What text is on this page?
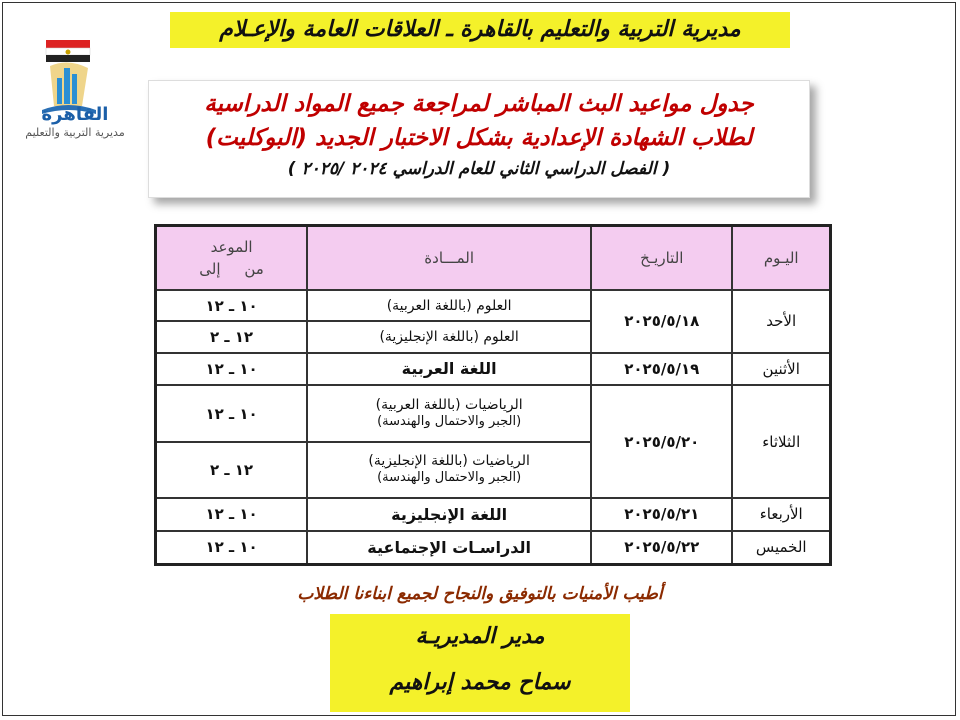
مديرية التربية والتعليم بالقاهرة ـ العلاقات العامة والإعـلام
القاهرة
مديرية التربية والتعليم
جدول مواعيد البث المباشر لمراجعة جميع المواد الدراسية
لطلاب الشهادة الإعدادية بشكل الاختبار الجديد (البوكليت)
( الفصل الدراسي الثاني للعام الدراسي ٢٠٢٤ /٢٠٢٥ )
اليـوم	التاريـخ	المـــادة	الموعد
من     إلى

الأحد	٢٠٢٥/٥/١٨	العلوم (باللغة العربية)	١٠ ـ ١٢

		العلوم (باللغة الإنجليزية)	١٢ ـ ٢
الأثنين	٢٠٢٥/٥/١٩	اللغة العربية	١٠ ـ ١٢
الثلاثاء	٢٠٢٥/٥/٢٠	الرياضيات (باللغة العربية)
(الجبر والاحتمال والهندسة)	١٠ ـ ١٢

		الرياضيات (باللغة الإنجليزية)
(الجبر والاحتمال والهندسة)	١٢ ـ ٢
الأربعاء	٢٠٢٥/٥/٢١	اللغة الإنجليزية	١٠ ـ ١٢
الخميس	٢٠٢٥/٥/٢٢	الدراسـات الإجتماعية	١٠ ـ ١٢
أطيب الأمنيات بالتوفيق والنجاح لجميع ابناءنا الطلاب
مدير المديريـة
سماح محمد إبراهيم
